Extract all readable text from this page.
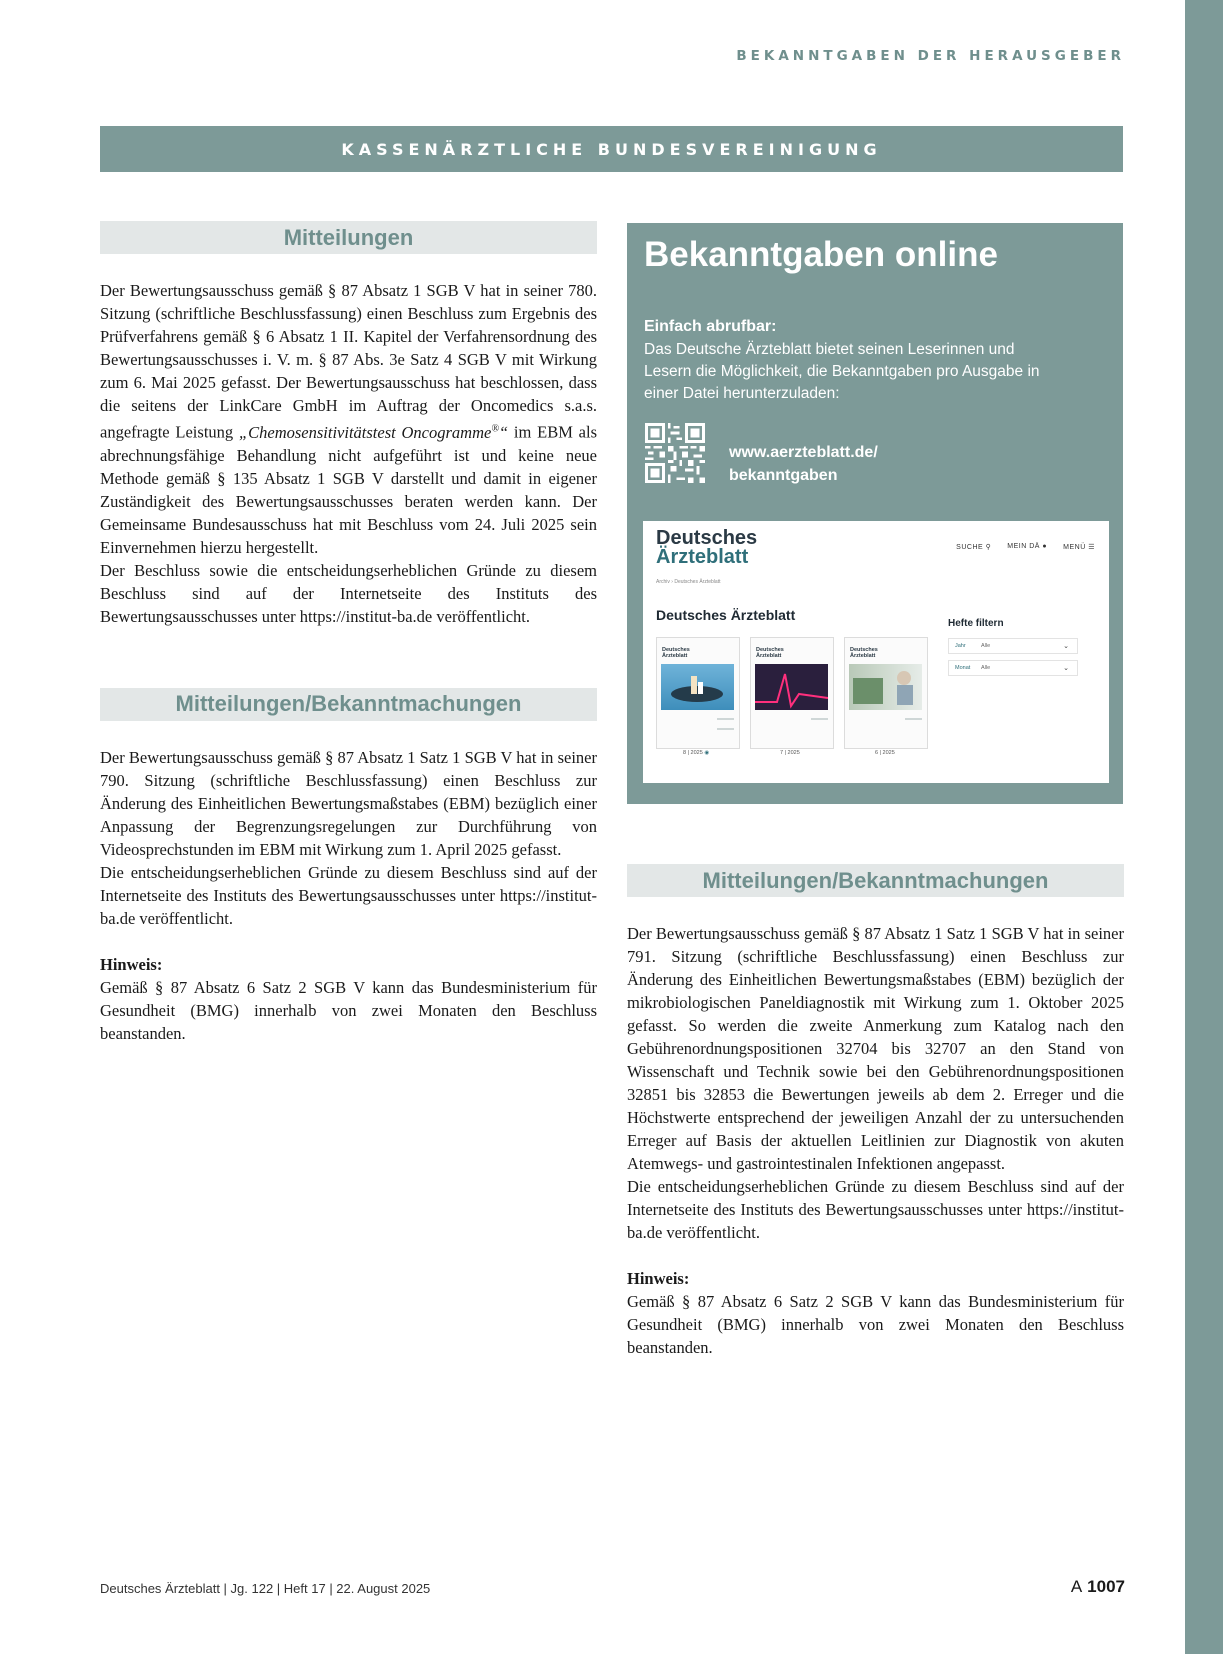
BEKANNTGABEN DER HERAUSGEBER
KASSENÄRZTLICHE BUNDESVEREINIGUNG
Mitteilungen

Der Bewertungsausschuss gemäß § 87 Absatz 1 SGB V hat in seiner 780. Sitzung (schriftliche Beschlussfassung) einen Beschluss zum Ergebnis des Prüfverfahrens gemäß § 6 Absatz 1 II. Kapitel der Verfahrensordnung des Bewertungsausschusses i. V. m. § 87 Abs. 3e Satz 4 SGB V mit Wirkung zum 6. Mai 2025 gefasst. Der Bewertungsausschuss hat beschlossen, dass die seitens der LinkCare GmbH im Auftrag der Oncomedics s.a.s. angefragte Leistung „Chemosensitivitätstest Oncogramme®“ im EBM als abrechnungsfähige Behandlung nicht aufgeführt ist und keine neue Methode gemäß § 135 Absatz 1 SGB V darstellt und damit in eigener Zuständigkeit des Bewertungsausschusses beraten werden kann. Der Gemeinsame Bundesausschuss hat mit Beschluss vom 24. Juli 2025 sein Einvernehmen hierzu hergestellt.

Der Beschluss sowie die entscheidungserheblichen Gründe zu diesem Beschluss sind auf der Internetseite des Instituts des Bewertungsausschusses unter https://institut-ba.de veröffentlicht.

Mitteilungen/Bekanntmachungen

Der Bewertungsausschuss gemäß § 87 Absatz 1 Satz 1 SGB V hat in seiner 790. Sitzung (schriftliche Beschlussfassung) einen Beschluss zur Änderung des Einheitlichen Bewertungsmaßstabes (EBM) bezüglich einer Anpassung der Begrenzungsregelungen zur Durchführung von Videosprechstunden im EBM mit Wirkung zum 1. April 2025 gefasst.

Die entscheidungserheblichen Gründe zu diesem Beschluss sind auf der Internetseite des Instituts des Bewertungsausschusses unter https://institut-ba.de veröffentlicht.

Hinweis:

Gemäß § 87 Absatz 6 Satz 2 SGB V kann das Bundesministerium für Gesundheit (BMG) innerhalb von zwei Monaten den Beschluss beanstanden.

Bekanntgaben online
Einfach abrufbar:
Das Deutsche Ärzteblatt bietet seinen Leserinnen und Lesern die Möglichkeit, die Bekanntgaben pro Ausgabe in einer Datei herunterzuladen:
www.aerzteblatt.de/
bekanntgaben
Deutsches
Ärzteblatt	SUCHE ⚲ MEIN DÄ ● MENÜ ☰
Archiv › Deutsches Ärzteblatt
Deutsches Ärzteblatt
Hefte filtern
Jahr	Alle	⌄
Monat	Alle	⌄
Deutsches Ärzteblatt
Deutsches Ärzteblatt
Deutsches Ärzteblatt
8 | 2025 ◉	7 | 2025	6 | 2025
Mitteilungen/Bekanntmachungen

Der Bewertungsausschuss gemäß § 87 Absatz 1 Satz 1 SGB V hat in seiner 791. Sitzung (schriftliche Beschlussfassung) einen Beschluss zur Änderung des Einheitlichen Bewertungsmaßstabes (EBM) bezüglich der mikrobiologischen Paneldiagnostik mit Wirkung zum 1. Oktober 2025 gefasst. So werden die zweite Anmerkung zum Katalog nach den Gebührenordnungspositionen 32704 bis 32707 an den Stand von Wissenschaft und Technik sowie bei den Gebührenordnungspositionen 32851 bis 32853 die Bewertungen jeweils ab dem 2. Erreger und die Höchstwerte entsprechend der jeweiligen Anzahl der zu untersuchenden Erreger auf Basis der aktuellen Leitlinien zur Diagnostik von akuten Atemwegs- und gastrointestinalen Infektionen angepasst.

Die entscheidungserheblichen Gründe zu diesem Beschluss sind auf der Internetseite des Instituts des Bewertungsausschusses unter https://institut-ba.de veröffentlicht.

Hinweis:

Gemäß § 87 Absatz 6 Satz 2 SGB V kann das Bundesministerium für Gesundheit (BMG) innerhalb von zwei Monaten den Beschluss beanstanden.

Deutsches Ärzteblatt | Jg. 122 | Heft 17 | 22. August 2025	A 1007
